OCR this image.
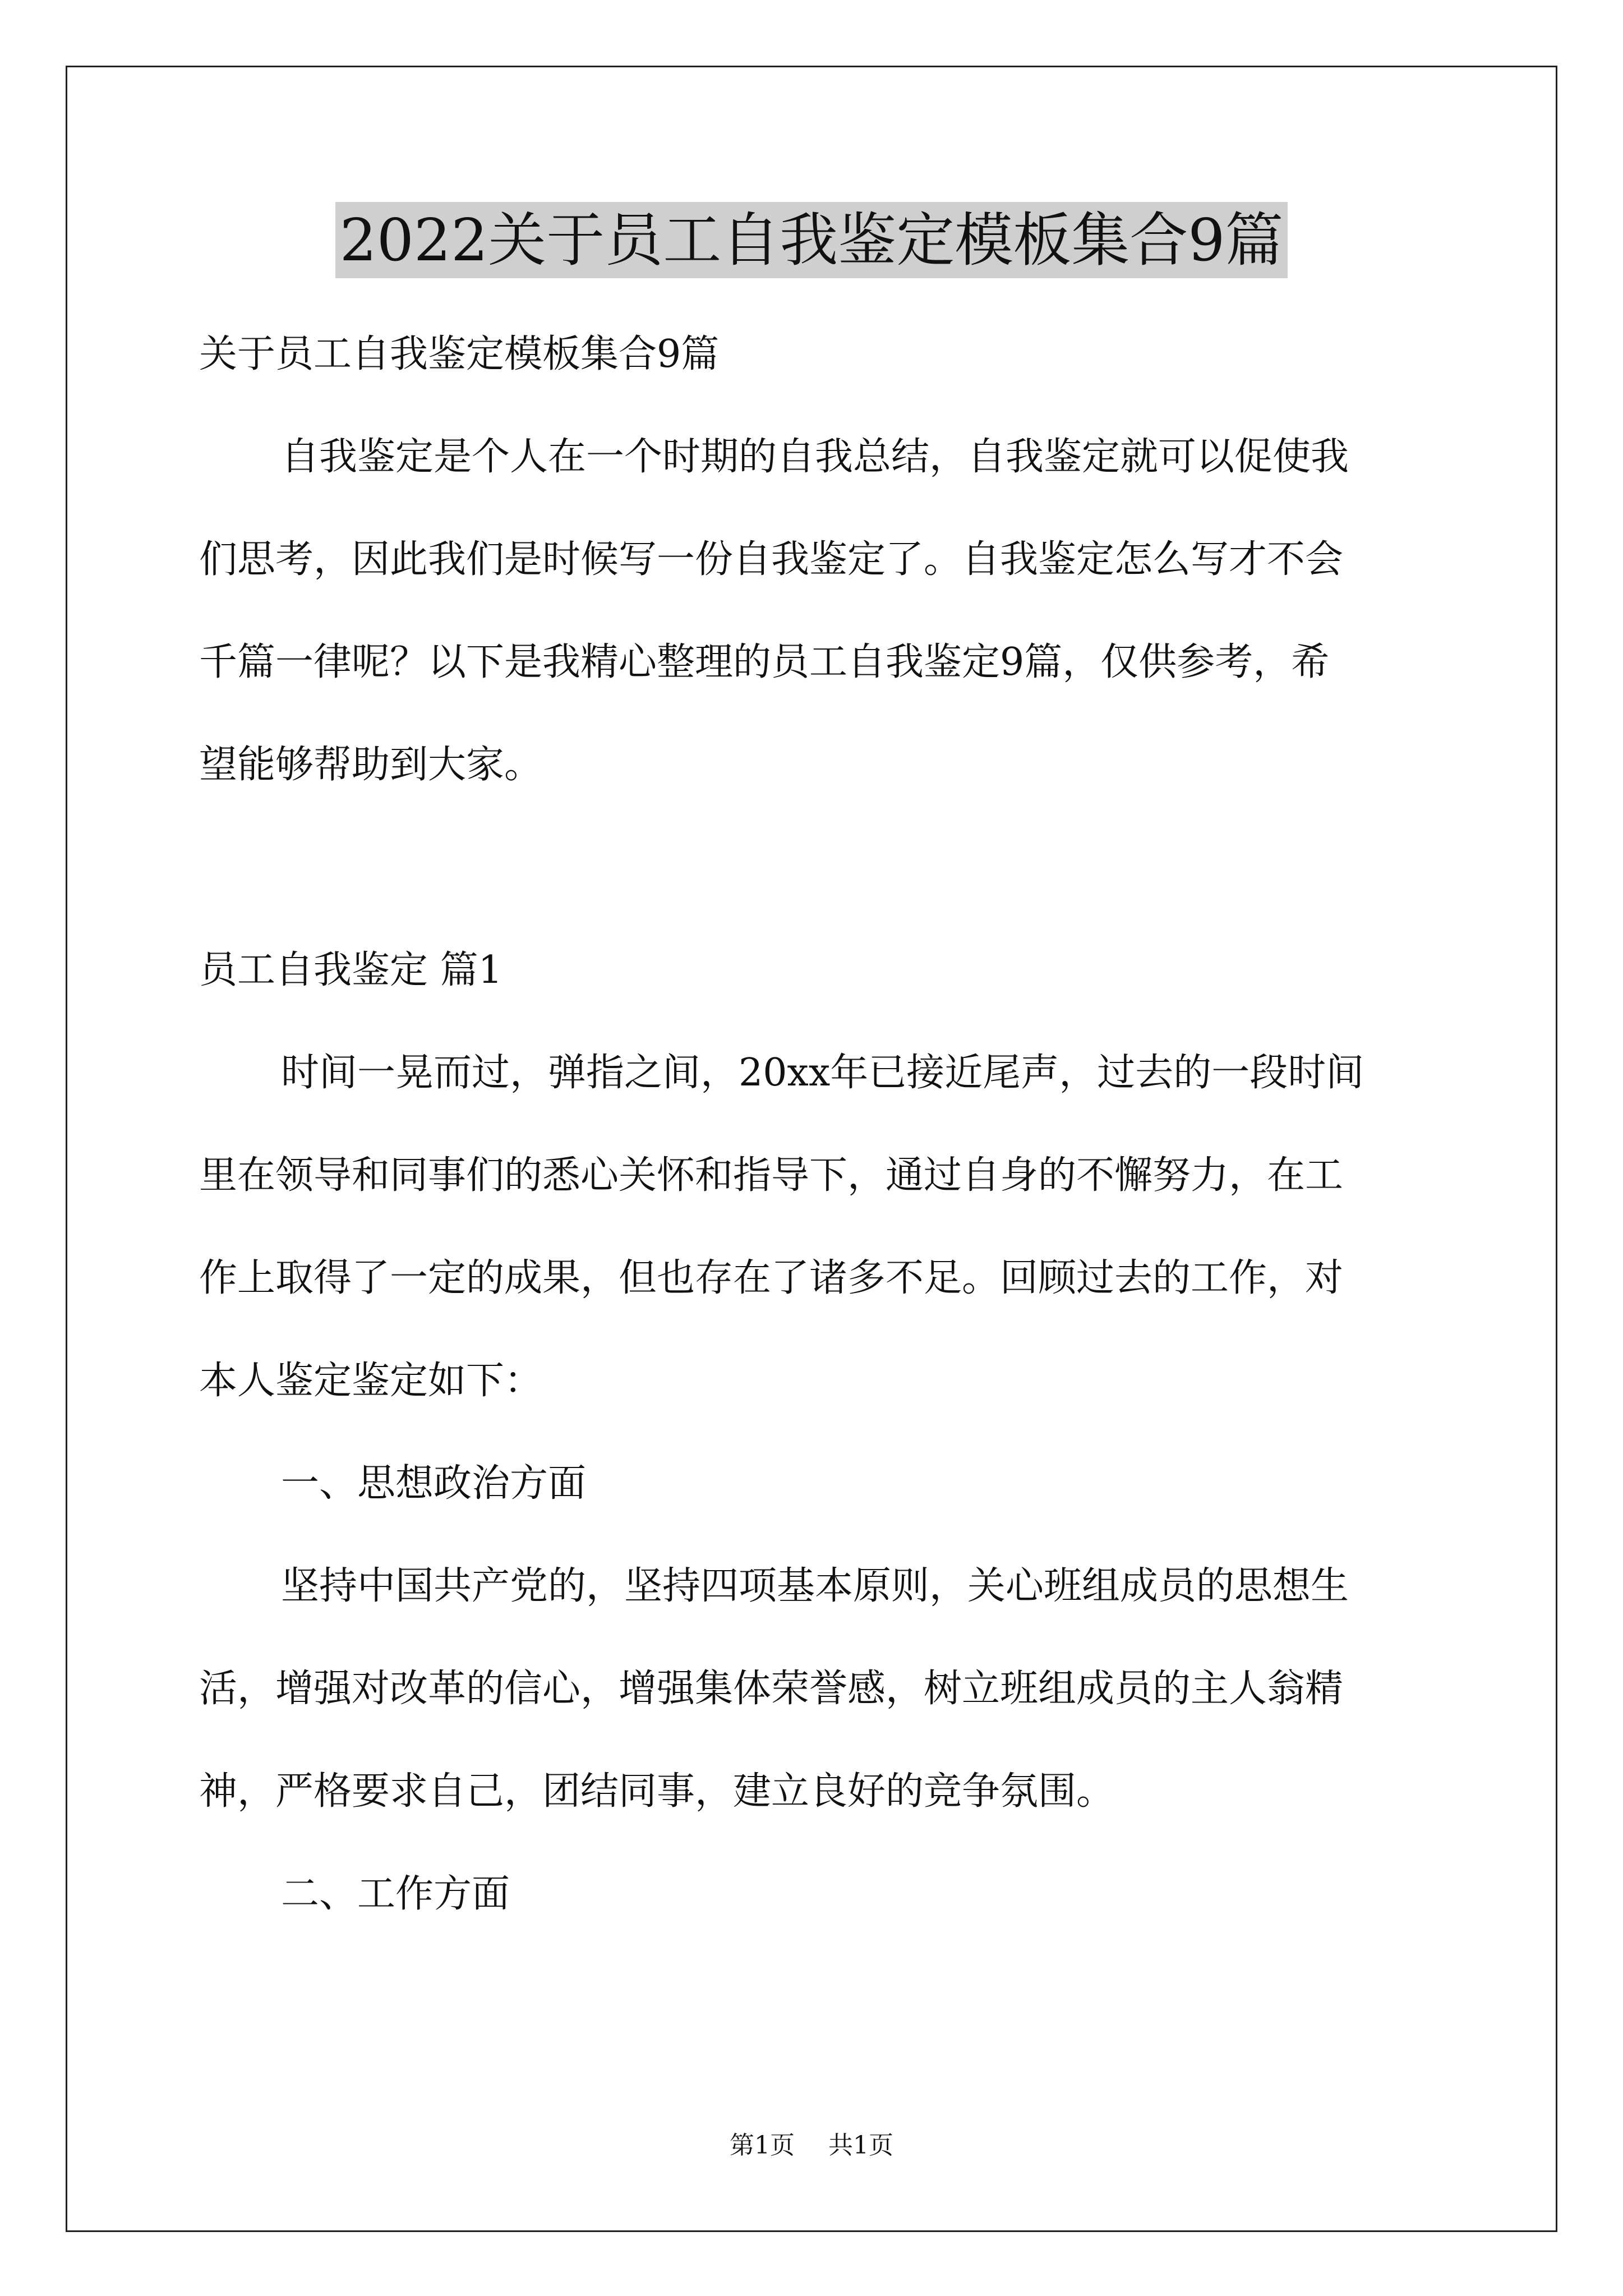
2022关于员工自我鉴定模板集合9篇

关于员工自我鉴定模板集合9篇

自我鉴定是个人在一个时期的自我总结，自我鉴定就可以促使我

们思考，因此我们是时候写一份自我鉴定了。自我鉴定怎么写才不会

千篇一律呢？以下是我精心整理的员工自我鉴定9篇，仅供参考，希

望能够帮助到大家。

员工自我鉴定 篇1

时间一晃而过，弹指之间，20xx年已接近尾声，过去的一段时间

里在领导和同事们的悉心关怀和指导下，通过自身的不懈努力，在工

作上取得了一定的成果，但也存在了诸多不足。回顾过去的工作，对

本人鉴定鉴定如下：

一、思想政治方面

坚持中国共产党的，坚持四项基本原则，关心班组成员的思想生

活，增强对改革的信心，增强集体荣誉感，树立班组成员的主人翁精

神，严格要求自己，团结同事，建立良好的竞争氛围。

二、工作方面

第1页 共1页
